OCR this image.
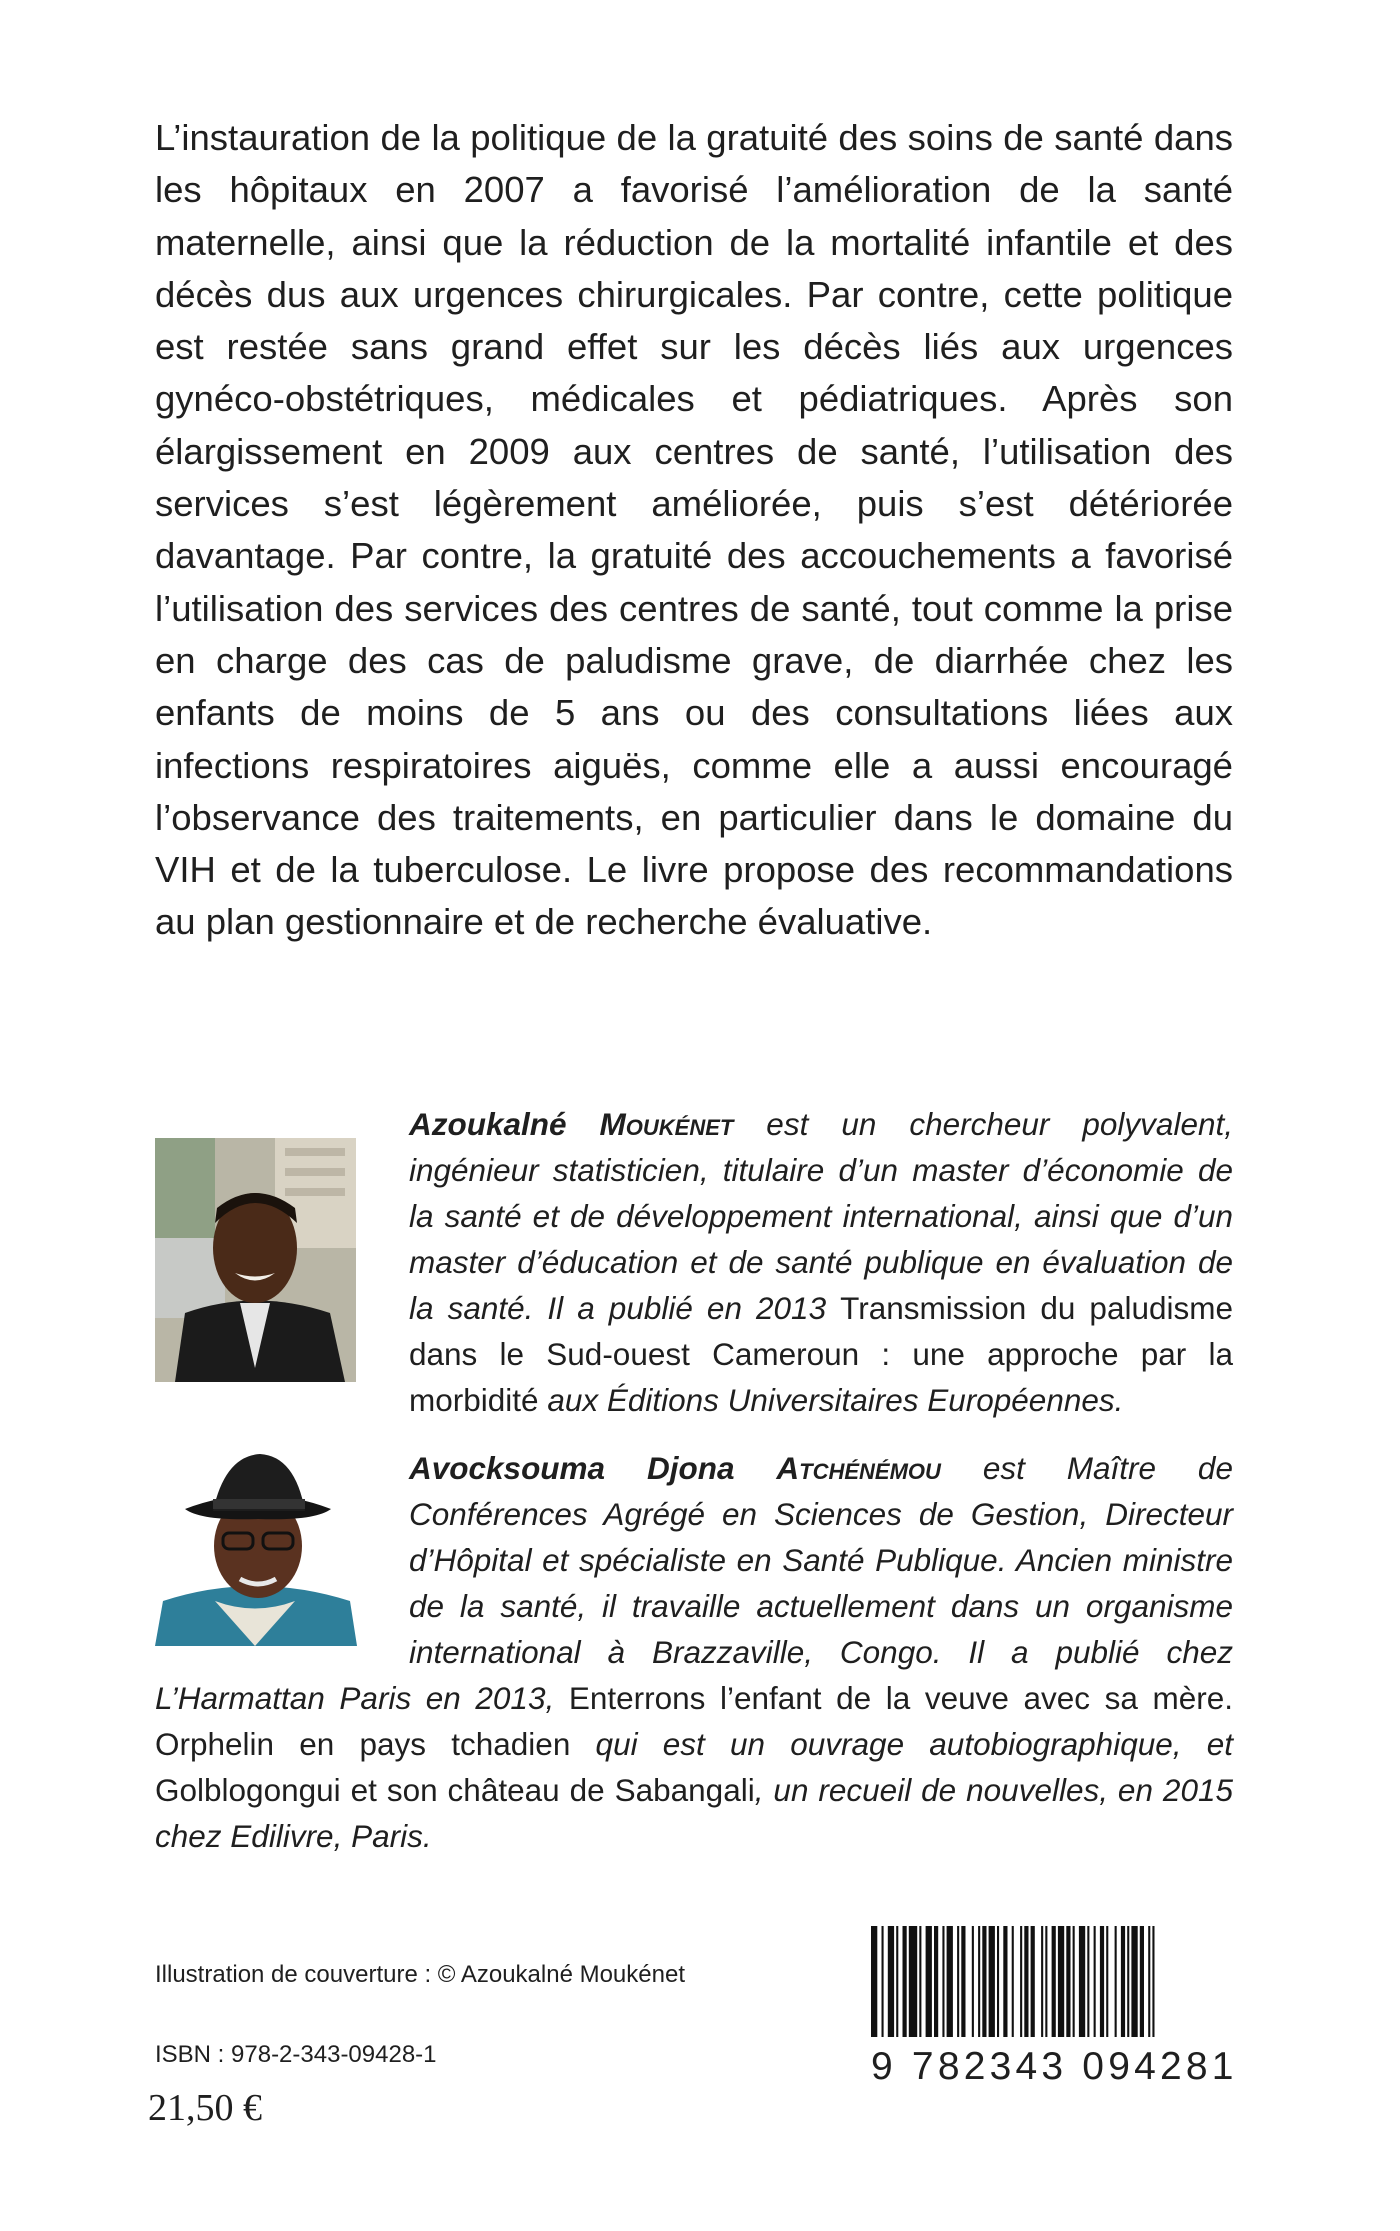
L’instauration de la politique de la gratuité des soins de santé dans les hôpitaux en 2007 a favorisé l’amélioration de la santé maternelle, ainsi que la réduction de la mortalité infantile et des décès dus aux urgences chirurgicales. Par contre, cette politique est restée sans grand effet sur les décès liés aux urgences gynéco-obstétriques, médicales et pédiatriques. Après son élargissement en 2009 aux centres de santé, l’utilisation des services s’est légèrement améliorée, puis s’est détériorée davantage. Par contre, la gratuité des accouchements a favorisé l’utilisation des services des centres de santé, tout comme la prise en charge des cas de paludisme grave, de diarrhée chez les enfants de moins de 5 ans ou des consultations liées aux infections respiratoires aiguës, comme elle a aussi encouragé l’observance des traitements, en particulier dans le domaine du VIH et de la tuberculose. Le livre propose des recommandations au plan gestionnaire et de recherche évaluative.

Azoukalné Moukénet est un chercheur polyvalent, ingénieur statisticien, titulaire d’un master d’économie de la santé et de développement international, ainsi que d’un master d’éducation et de santé publique en évaluation de la santé. Il a publié en 2013 Transmission du paludisme dans le Sud-ouest Cameroun : une approche par la morbidité aux Éditions Universitaires Européennes.
Avocksouma Djona Atchénémou est Maître de Conférences Agrégé en Sciences de Gestion, Directeur d’Hôpital et spécialiste en Santé Publique. Ancien ministre de la santé, il travaille actuellement dans un organisme international à Brazzaville, Congo. Il a publié chez L’Harmattan Paris en 2013, Enterrons l’enfant de la veuve avec sa mère. Orphelin en pays tchadien qui est un ouvrage autobiographique, et Golblogongui et son château de Sabangali, un recueil de nouvelles, en 2015 chez Edilivre, Paris.

Illustration de couverture : © Azoukalné Moukénet

ISBN : 978-2-343-09428-1

21,50 €

9 782343 094281
